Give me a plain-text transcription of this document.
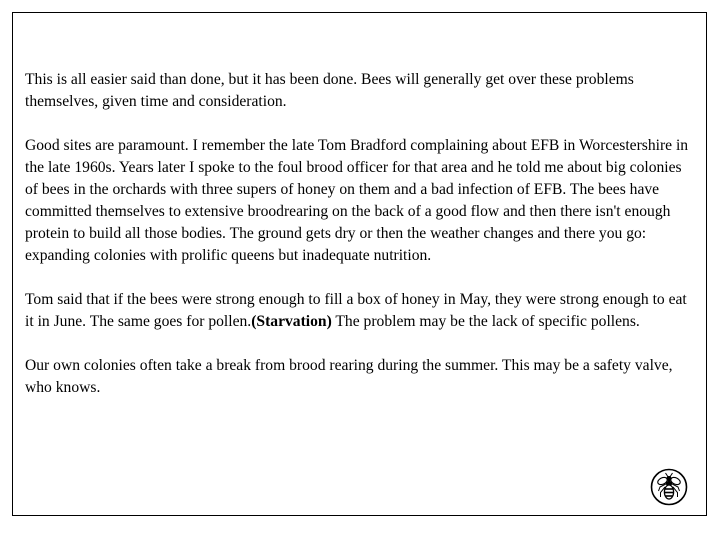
This is all easier said than done, but it has been done. Bees will generally get over these problems themselves, given time and consideration.

Good sites are paramount. I remember the late Tom Bradford complaining about EFB in Worcestershire in the late 1960s. Years later I spoke to the foul brood officer for that area and he told me about big colonies of bees in the orchards with three supers of honey on them and a bad infection of EFB. The bees have committed themselves to extensive broodrearing on the back of a good flow and then there isn't enough protein to build all those bodies. The ground gets dry or then the weather changes and there you go: expanding colonies with prolific queens but inadequate nutrition.

Tom said that if the bees were strong enough to fill a box of honey in May, they were strong enough to eat it in June. The same goes for pollen.(Starvation) The problem may be the lack of specific pollens.

Our own colonies often take a break from brood rearing during the summer. This may be a safety valve, who knows.
